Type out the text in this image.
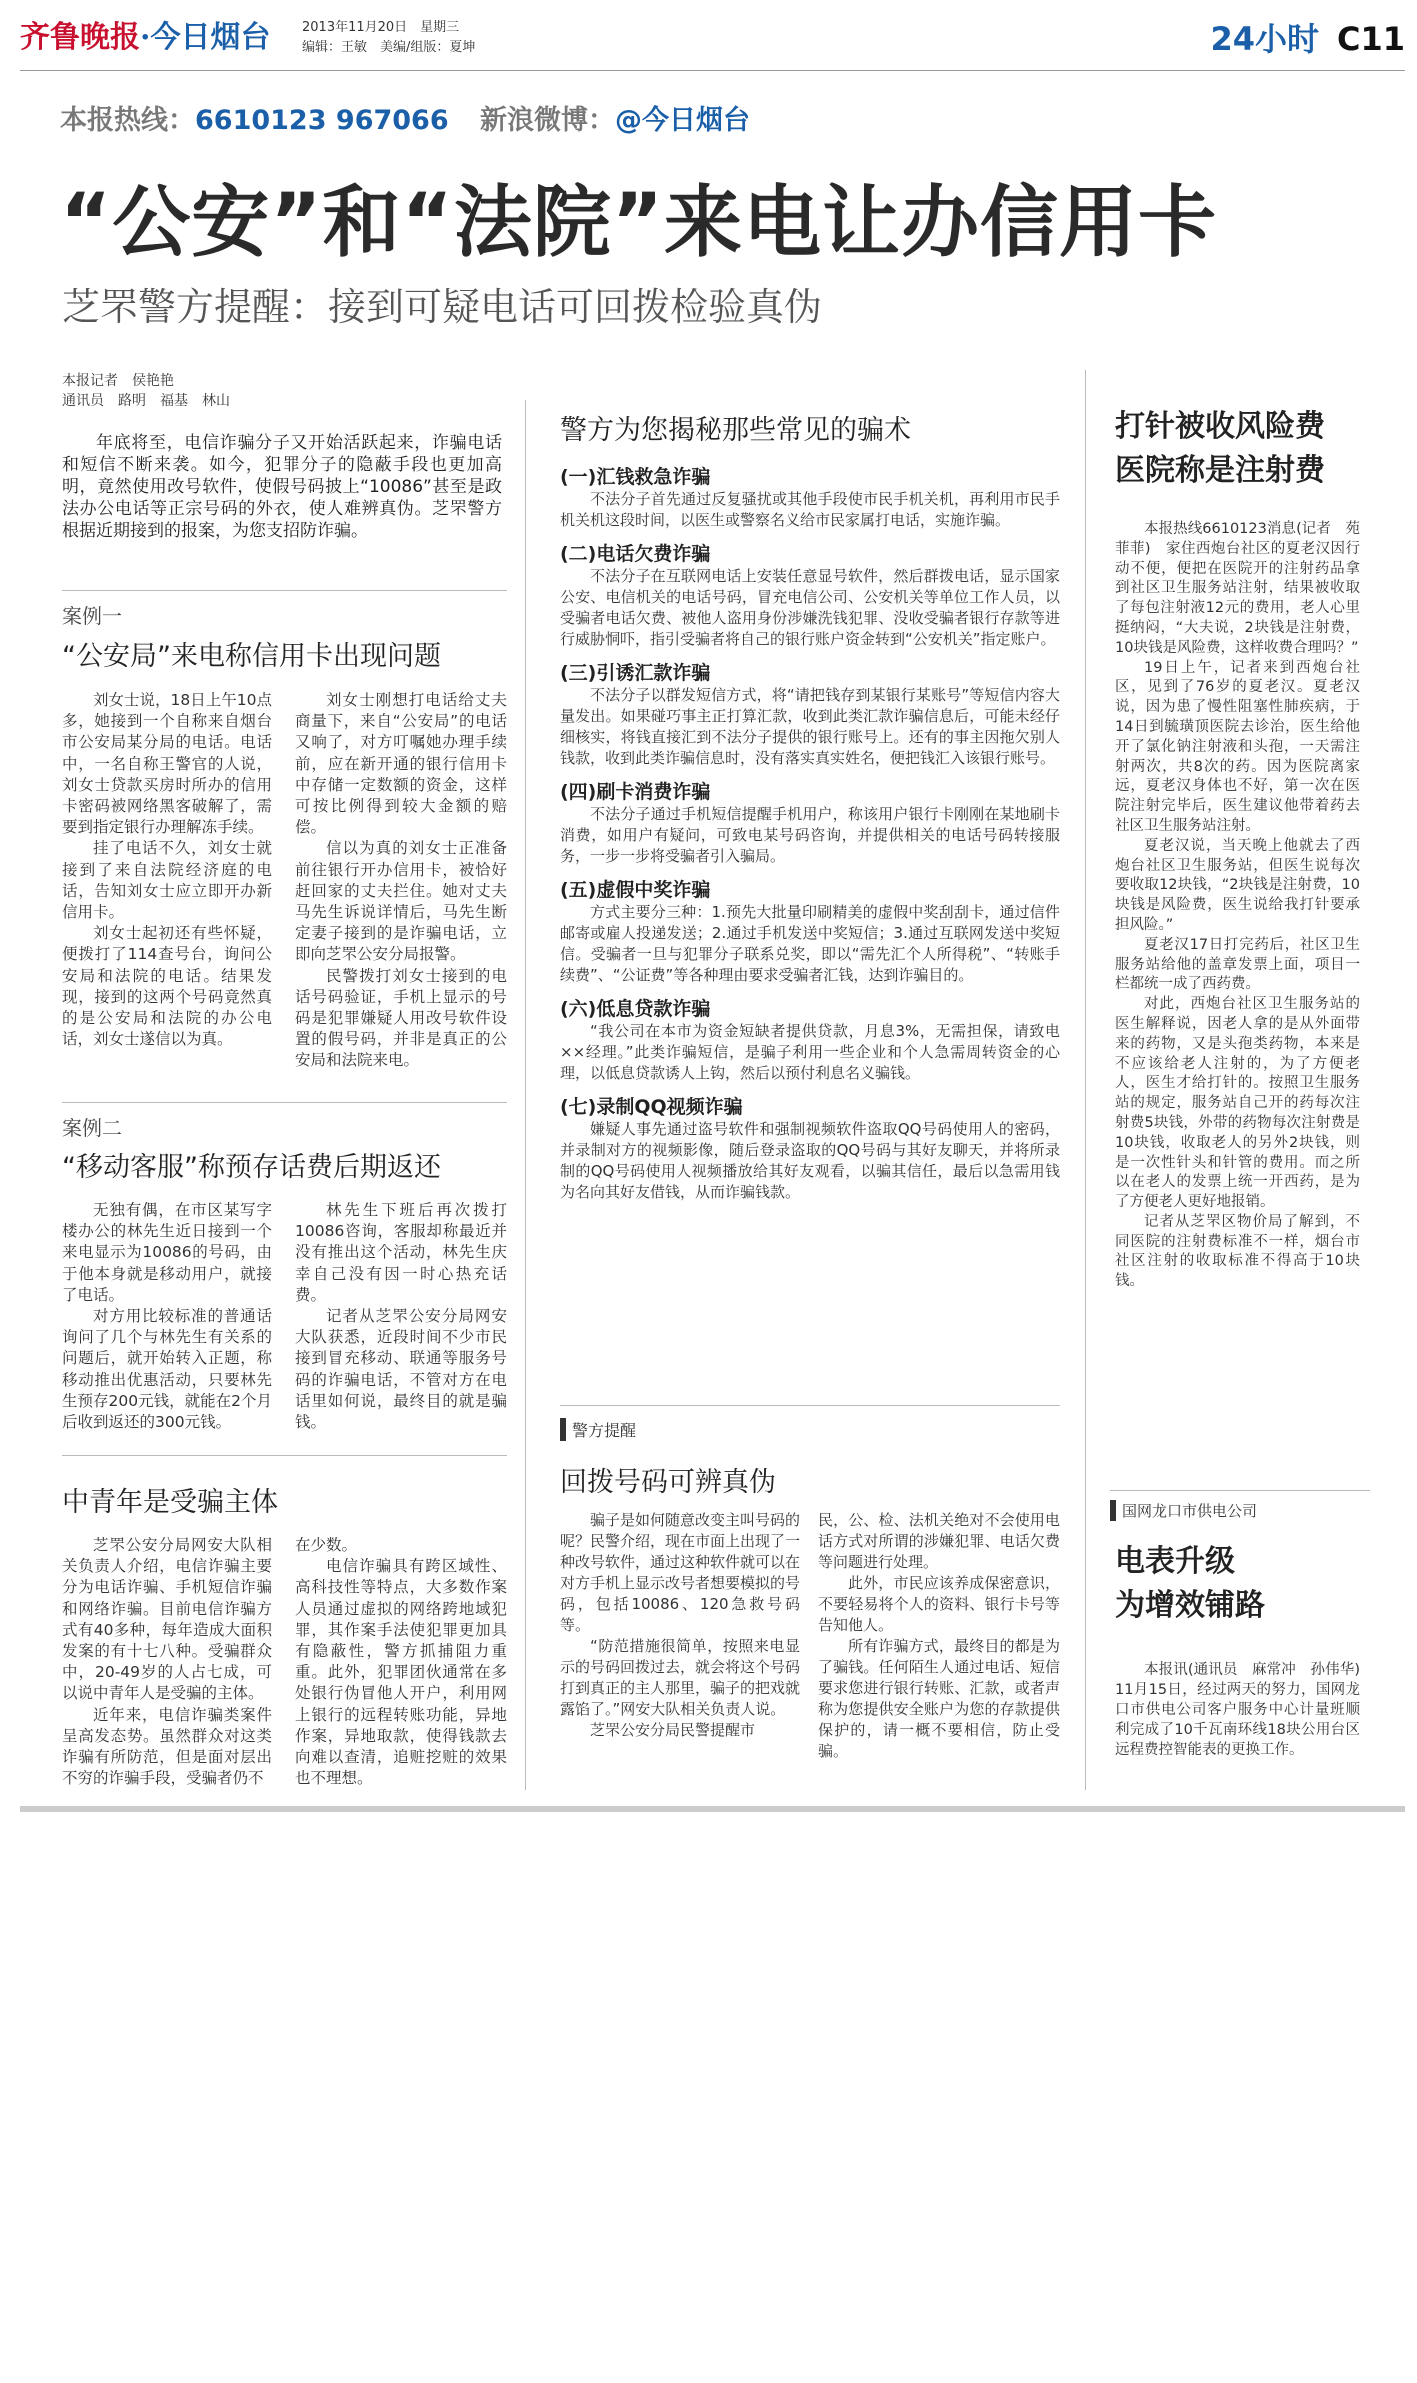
齐鲁晚报·今日烟台 2013年11月20日　星期三
编辑：王敏　美编/组版：夏坤	24小时 C11
本报热线：6610123 967066 新浪微博：@今日烟台
“公安”和“法院”来电让办信用卡
芝罘警方提醒：接到可疑电话可回拨检验真伪
本报记者　侯艳艳
通讯员　路明　福基　林山

年底将至，电信诈骗分子又开始活跃起来，诈骗电话和短信不断来袭。如今，犯罪分子的隐蔽手段也更加高明，竟然使用改号软件，使假号码披上“10086”甚至是政法办公电话等正宗号码的外衣，使人难辨真伪。芝罘警方根据近期接到的报案，为您支招防诈骗。

案例一
“公安局”来电称信用卡出现问题

刘女士说，18日上午10点多，她接到一个自称来自烟台市公安局某分局的电话。电话中，一名自称王警官的人说，刘女士贷款买房时所办的信用卡密码被网络黑客破解了，需要到指定银行办理解冻手续。

挂了电话不久，刘女士就接到了来自法院经济庭的电话，告知刘女士应立即开办新信用卡。

刘女士起初还有些怀疑，便拨打了114查号台，询问公安局和法院的电话。结果发现，接到的这两个号码竟然真的是公安局和法院的办公电话，刘女士遂信以为真。

刘女士刚想打电话给丈夫商量下，来自“公安局”的电话又响了，对方叮嘱她办理手续前，应在新开通的银行信用卡中存储一定数额的资金，这样可按比例得到较大金额的赔偿。

信以为真的刘女士正准备前往银行开办信用卡，被恰好赶回家的丈夫拦住。她对丈夫马先生诉说详情后，马先生断定妻子接到的是诈骗电话，立即向芝罘公安分局报警。

民警拨打刘女士接到的电话号码验证，手机上显示的号码是犯罪嫌疑人用改号软件设置的假号码，并非是真正的公安局和法院来电。

案例二
“移动客服”称预存话费后期返还

无独有偶，在市区某写字楼办公的林先生近日接到一个来电显示为10086的号码，由于他本身就是移动用户，就接了电话。

对方用比较标准的普通话询问了几个与林先生有关系的问题后，就开始转入正题，称移动推出优惠活动，只要林先生预存200元钱，就能在2个月后收到返还的300元钱。

林先生下班后再次拨打10086咨询，客服却称最近并没有推出这个活动，林先生庆幸自己没有因一时心热充话费。

记者从芝罘公安分局网安大队获悉，近段时间不少市民接到冒充移动、联通等服务号码的诈骗电话，不管对方在电话里如何说，最终目的就是骗钱。

中青年是受骗主体

芝罘公安分局网安大队相关负责人介绍，电信诈骗主要分为电话诈骗、手机短信诈骗和网络诈骗。目前电信诈骗方式有40多种，每年造成大面积发案的有十七八种。受骗群众中，20-49岁的人占七成，可以说中青年人是受骗的主体。

近年来，电信诈骗类案件呈高发态势。虽然群众对这类诈骗有所防范，但是面对层出不穷的诈骗手段，受骗者仍不

在少数。

电信诈骗具有跨区域性、高科技性等特点，大多数作案人员通过虚拟的网络跨地域犯罪，其作案手法使犯罪更加具有隐蔽性，警方抓捕阻力重重。此外，犯罪团伙通常在多处银行伪冒他人开户，利用网上银行的远程转账功能，异地作案，异地取款，使得钱款去向难以查清，追赃挖赃的效果也不理想。

警方为您揭秘那些常见的骗术
(一)汇钱救急诈骗

不法分子首先通过反复骚扰或其他手段使市民手机关机，再利用市民手机关机这段时间，以医生或警察名义给市民家属打电话，实施诈骗。

(二)电话欠费诈骗

不法分子在互联网电话上安装任意显号软件，然后群拨电话，显示国家公安、电信机关的电话号码，冒充电信公司、公安机关等单位工作人员，以受骗者电话欠费、被他人盗用身份涉嫌洗钱犯罪、没收受骗者银行存款等进行威胁恫吓，指引受骗者将自己的银行账户资金转到“公安机关”指定账户。

(三)引诱汇款诈骗

不法分子以群发短信方式，将“请把钱存到某银行某账号”等短信内容大量发出。如果碰巧事主正打算汇款，收到此类汇款诈骗信息后，可能未经仔细核实，将钱直接汇到不法分子提供的银行账号上。还有的事主因拖欠别人钱款，收到此类诈骗信息时，没有落实真实姓名，便把钱汇入该银行账号。

(四)刷卡消费诈骗

不法分子通过手机短信提醒手机用户，称该用户银行卡刚刚在某地刷卡消费，如用户有疑问，可致电某号码咨询，并提供相关的电话号码转接服务，一步一步将受骗者引入骗局。

(五)虚假中奖诈骗

方式主要分三种：1.预先大批量印刷精美的虚假中奖刮刮卡，通过信件邮寄或雇人投递发送；2.通过手机发送中奖短信；3.通过互联网发送中奖短信。受骗者一旦与犯罪分子联系兑奖，即以“需先汇个人所得税”、“转账手续费”、“公证费”等各种理由要求受骗者汇钱，达到诈骗目的。

(六)低息贷款诈骗

“我公司在本市为资金短缺者提供贷款，月息3%，无需担保，请致电××经理。”此类诈骗短信，是骗子利用一些企业和个人急需周转资金的心理，以低息贷款诱人上钩，然后以预付利息名义骗钱。

(七)录制QQ视频诈骗

嫌疑人事先通过盗号软件和强制视频软件盗取QQ号码使用人的密码，并录制对方的视频影像，随后登录盗取的QQ号码与其好友聊天，并将所录制的QQ号码使用人视频播放给其好友观看，以骗其信任，最后以急需用钱为名向其好友借钱，从而诈骗钱款。

警方提醒
回拨号码可辨真伪

骗子是如何随意改变主叫号码的呢？民警介绍，现在市面上出现了一种改号软件，通过这种软件就可以在对方手机上显示改号者想要模拟的号码，包括10086、120急救号码等。

“防范措施很简单，按照来电显示的号码回拨过去，就会将这个号码打到真正的主人那里，骗子的把戏就露馅了。”网安大队相关负责人说。

芝罘公安分局民警提醒市

民，公、检、法机关绝对不会使用电话方式对所谓的涉嫌犯罪、电话欠费等问题进行处理。

此外，市民应该养成保密意识，不要轻易将个人的资料、银行卡号等告知他人。

所有诈骗方式，最终目的都是为了骗钱。任何陌生人通过电话、短信要求您进行银行转账、汇款，或者声称为您提供安全账户为您的存款提供保护的，请一概不要相信，防止受骗。

打针被收风险费
医院称是注射费

本报热线6610123消息(记者　苑菲菲)　家住西炮台社区的夏老汉因行动不便，便把在医院开的注射药品拿到社区卫生服务站注射，结果被收取了每包注射液12元的费用，老人心里挺纳闷，“大夫说，2块钱是注射费，10块钱是风险费，这样收费合理吗？”

19日上午，记者来到西炮台社区，见到了76岁的夏老汉。夏老汉说，因为患了慢性阻塞性肺疾病，于14日到毓璜顶医院去诊治，医生给他开了氯化钠注射液和头孢，一天需注射两次，共8次的药。因为医院离家远，夏老汉身体也不好，第一次在医院注射完毕后，医生建议他带着药去社区卫生服务站注射。

夏老汉说，当天晚上他就去了西炮台社区卫生服务站，但医生说每次要收取12块钱，“2块钱是注射费，10块钱是风险费，医生说给我打针要承担风险。”

夏老汉17日打完药后，社区卫生服务站给他的盖章发票上面，项目一栏都统一成了西药费。

对此，西炮台社区卫生服务站的医生解释说，因老人拿的是从外面带来的药物，又是头孢类药物，本来是不应该给老人注射的，为了方便老人，医生才给打针的。按照卫生服务站的规定，服务站自己开的药每次注射费5块钱，外带的药物每次注射费是10块钱，收取老人的另外2块钱，则是一次性针头和针管的费用。而之所以在老人的发票上统一开西药，是为了方便老人更好地报销。

记者从芝罘区物价局了解到，不同医院的注射费标准不一样，烟台市社区注射的收取标准不得高于10块钱。

国网龙口市供电公司
电表升级
为增效铺路

本报讯(通讯员　麻常冲　孙伟华)　11月15日，经过两天的努力，国网龙口市供电公司客户服务中心计量班顺利完成了10千瓦南环线18块公用台区远程费控智能表的更换工作。
